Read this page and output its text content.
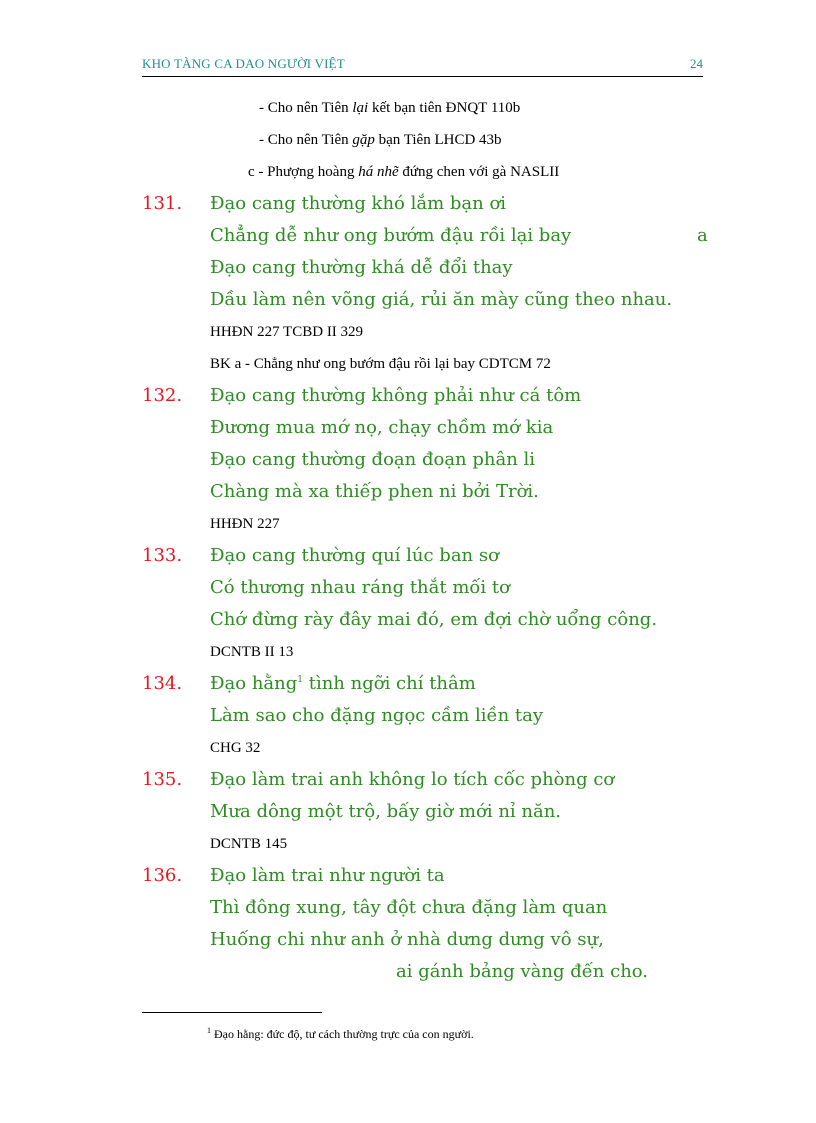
KHO TÀNG CA DAO NGƯỜI VIỆT	24
- Cho nên Tiên lại kết bạn tiên ĐNQT 110b
- Cho nên Tiên gặp bạn Tiên LHCD 43b
c - Phượng hoàng há nhẽ đứng chen với gà NASLII
131. Đạo cang thường khó lắm bạn ơi
Chẳng dễ như ong bướm đậu rồi lại bay	a
Đạo cang thường khá dễ đổi thay
Dầu làm nên võng giá, rủi ăn mày cũng theo nhau.
HHĐN 227 TCBD II 329
BK a - Chẳng như ong bướm đậu rồi lại bay CDTCM 72
132. Đạo cang thường không phải như cá tôm
Đương mua mớ nọ, chạy chồm mớ kia
Đạo cang thường đoạn đoạn phân li
Chàng mà xa thiếp phen ni bởi Trời.
HHĐN 227
133. Đạo cang thường quí lúc ban sơ
Có thương nhau ráng thắt mối tơ
Chớ đừng rày đây mai đó, em đợi chờ uổng công.
DCNTB II 13
134. Đạo hằng$^1$ tình ngỡi chí thâm
Làm sao cho đặng ngọc cầm liền tay
CHG 32
135. Đạo làm trai anh không lo tích cốc phòng cơ
Mưa dông một trộ, bấy giờ mới nỉ năn.
DCNTB 145
136. Đạo làm trai như người ta
Thì đông xung, tây đột chưa đặng làm quan
Huống chi như anh ở nhà dưng dưng vô sự,
ai gánh bảng vàng đến cho.
$^1$ Đạo hằng: đức độ, tư cách thường trực của con người.
